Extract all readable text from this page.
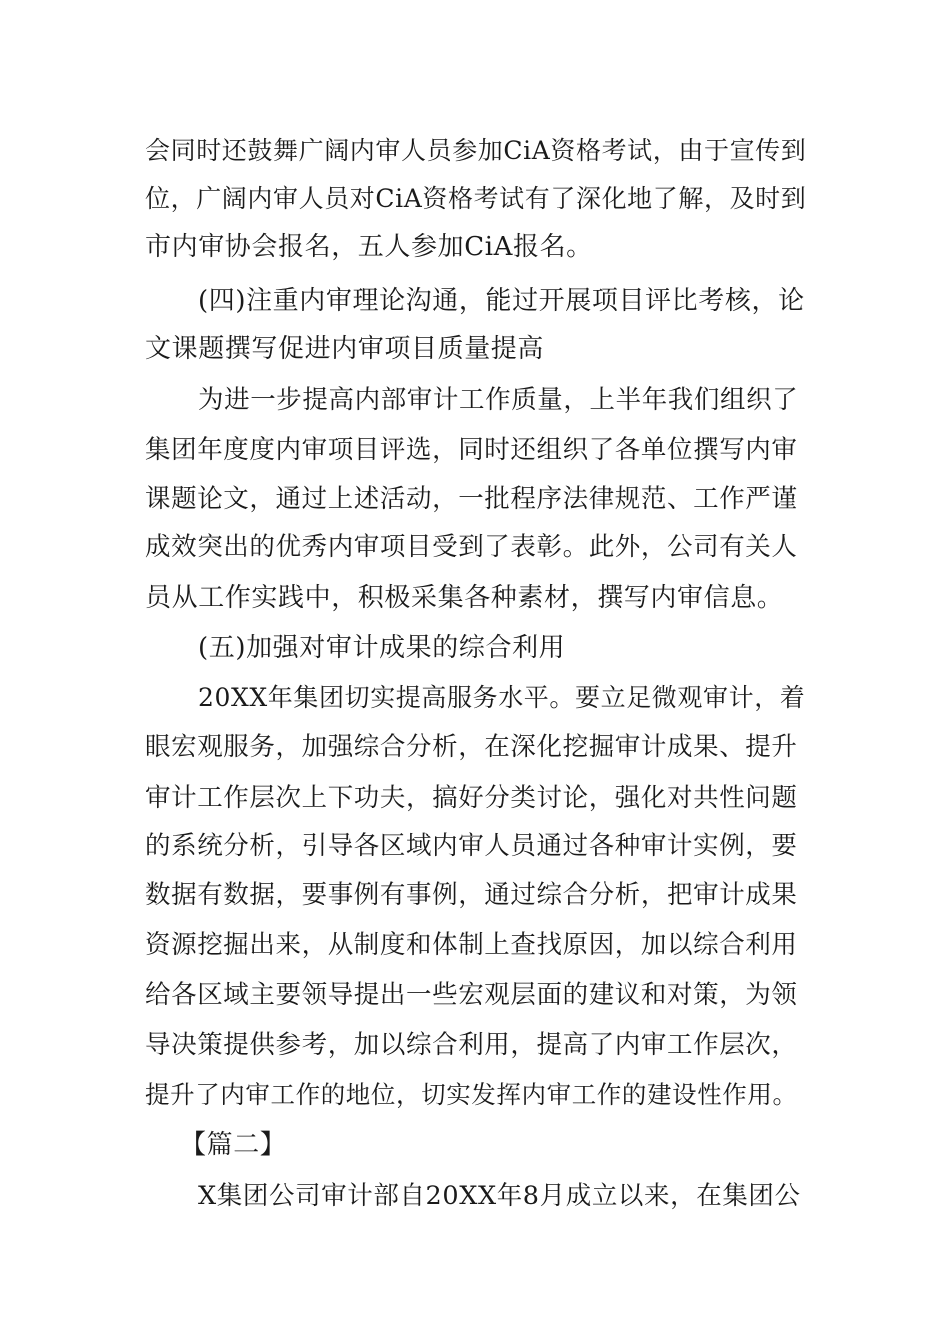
会同时还鼓舞广阔内审人员参加CiA资格考试，由于宣传到
位，广阔内审人员对CiA资格考试有了深化地了解，及时到
市内审协会报名，五人参加CiA报名。
(四)注重内审理论沟通，能过开展项目评比考核，论
文课题撰写促进内审项目质量提高
为进一步提高内部审计工作质量，上半年我们组织了
集团年度度内审项目评选，同时还组织了各单位撰写内审
课题论文，通过上述活动，一批程序法律规范、工作严谨
成效突出的优秀内审项目受到了表彰。此外，公司有关人
员从工作实践中，积极采集各种素材，撰写内审信息。
(五)加强对审计成果的综合利用
20XX年集团切实提高服务水平。要立足微观审计，着
眼宏观服务，加强综合分析，在深化挖掘审计成果、提升
审计工作层次上下功夫，搞好分类讨论，强化对共性问题
的系统分析，引导各区域内审人员通过各种审计实例，要
数据有数据，要事例有事例，通过综合分析，把审计成果
资源挖掘出来，从制度和体制上查找原因，加以综合利用
给各区域主要领导提出一些宏观层面的建议和对策，为领
导决策提供参考，加以综合利用，提高了内审工作层次，
提升了内审工作的地位，切实发挥内审工作的建设性作用。
【篇二】
X集团公司审计部自20XX年8月成立以来，在集团公
